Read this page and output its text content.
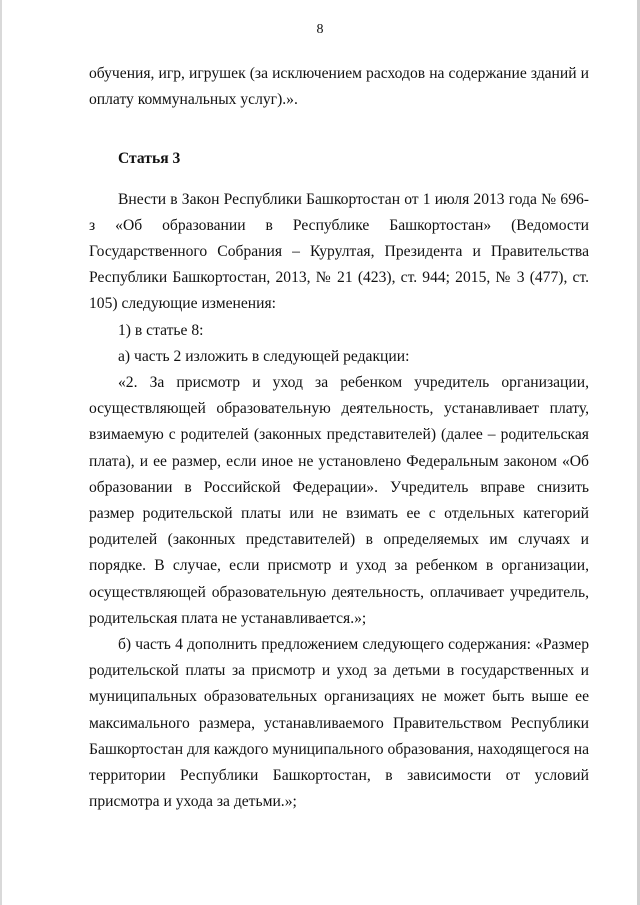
8

обучения, игр, игрушек (за исключением расходов на содержание зданий и оплату коммунальных услуг).».

Статья 3

Внести в Закон Республики Башкортостан от 1 июля 2013 года № 696-з «Об образовании в Республике Башкортостан» (Ведомости Государственного Собрания – Курултая, Президента и Правительства Республики Башкортостан, 2013, № 21 (423), ст. 944; 2015, № 3 (477), ст. 105) следующие изменения:

1) в статье 8:

а) часть 2 изложить в следующей редакции:

«2. За присмотр и уход за ребенком учредитель организации, осуществляющей образовательную деятельность, устанавливает плату, взимаемую с родителей (законных представителей) (далее – родительская плата), и ее размер, если иное не установлено Федеральным законом «Об образовании в Российской Федерации». Учредитель вправе снизить размер родительской платы или не взимать ее с отдельных категорий родителей (законных представителей) в определяемых им случаях и порядке. В случае, если присмотр и уход за ребенком в организации, осуществляющей образовательную деятельность, оплачивает учредитель, родительская плата не устанавливается.»;

б) часть 4 дополнить предложением следующего содержания: «Размер родительской платы за присмотр и уход за детьми в государственных и муниципальных образовательных организациях не может быть выше ее максимального размера, устанавливаемого Правительством Республики Башкортостан для каждого муниципального образования, находящегося на территории Республики Башкортостан, в зависимости от условий присмотра и ухода за детьми.»;
